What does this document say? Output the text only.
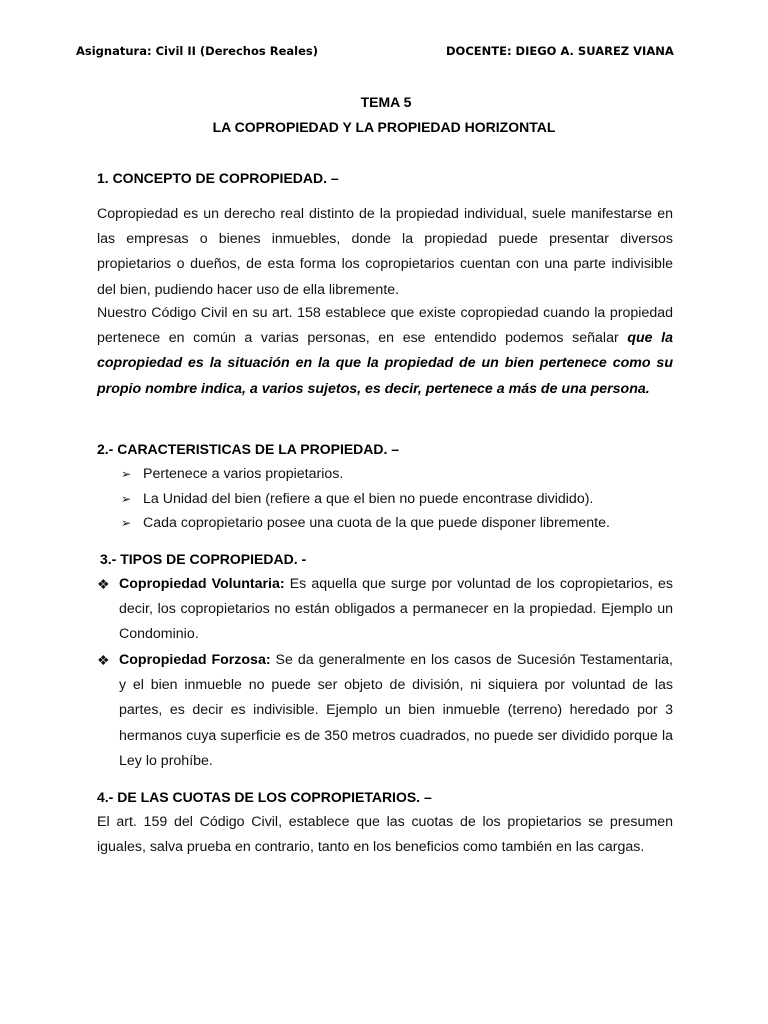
Asignatura: Civil II (Derechos Reales)	DOCENTE: DIEGO A. SUAREZ VIANA
TEMA 5
LA COPROPIEDAD Y LA PROPIEDAD HORIZONTAL
1. CONCEPTO DE COPROPIEDAD. –
Copropiedad es un derecho real distinto de la propiedad individual, suele manifestarse en las empresas o bienes inmuebles, donde la propiedad puede presentar diversos propietarios o dueños, de esta forma los copropietarios cuentan con una parte indivisible del bien, pudiendo hacer uso de ella libremente.
Nuestro Código Civil en su art. 158 establece que existe copropiedad cuando la propiedad pertenece en común a varias personas, en ese entendido podemos señalar que la copropiedad es la situación en la que la propiedad de un bien pertenece como su propio nombre indica, a varios sujetos, es decir, pertenece a más de una persona.
2.- CARACTERISTICAS DE LA PROPIEDAD. –
➢ Pertenece a varios propietarios.
➢ La Unidad del bien (refiere a que el bien no puede encontrase dividido).
➢ Cada copropietario posee una cuota de la que puede disponer libremente.
3.- TIPOS DE COPROPIEDAD. -
❖ Copropiedad Voluntaria: Es aquella que surge por voluntad de los copropietarios, es decir, los copropietarios no están obligados a permanecer en la propiedad. Ejemplo un Condominio.
❖ Copropiedad Forzosa: Se da generalmente en los casos de Sucesión Testamentaria, y el bien inmueble no puede ser objeto de división, ni siquiera por voluntad de las partes, es decir es indivisible. Ejemplo un bien inmueble (terreno) heredado por 3 hermanos cuya superficie es de 350 metros cuadrados, no puede ser dividido porque la Ley lo prohíbe.
4.- DE LAS CUOTAS DE LOS COPROPIETARIOS. –
El art. 159 del Código Civil, establece que las cuotas de los propietarios se presumen iguales, salva prueba en contrario, tanto en los beneficios como también en las cargas.
